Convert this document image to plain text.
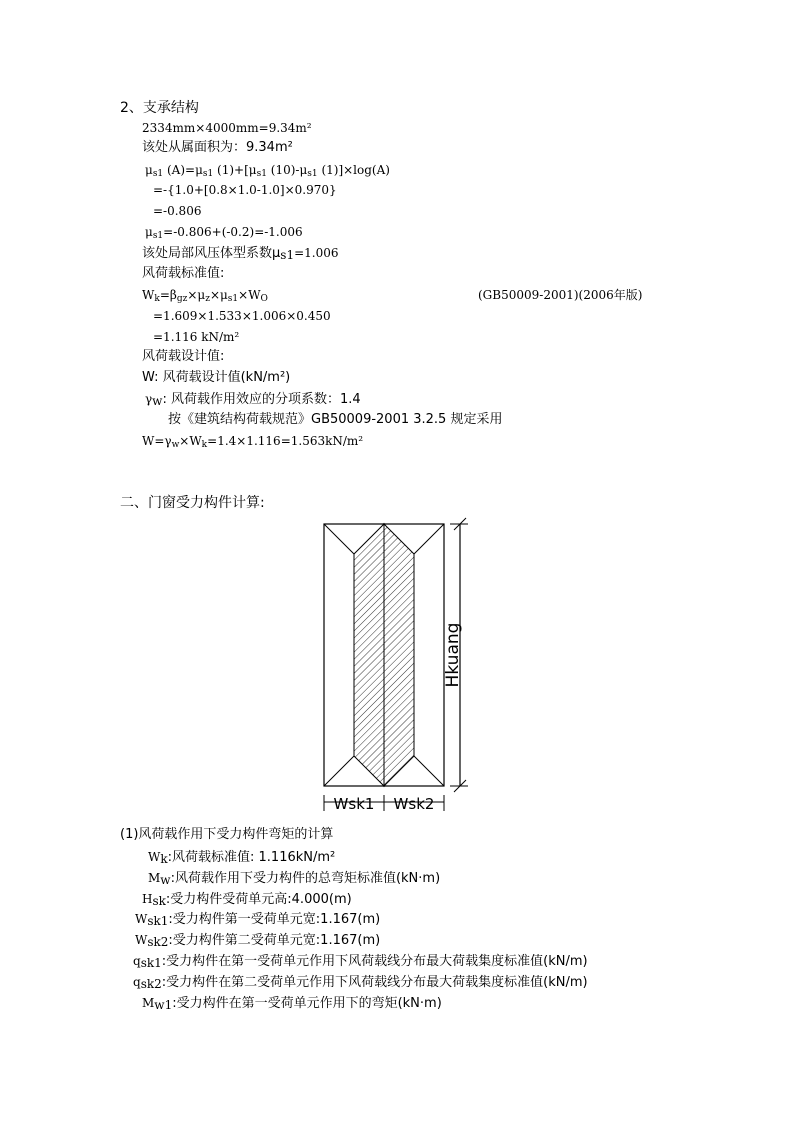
2、支承结构
2334mm×4000mm=9.34m²
该处从属面积为：9.34m²
$\mu_{s1}$ $(A)=\mu_{s1}$ $(1)+[\mu_{s1}$ $(10)-\mu_{s1}$ (1)]×log(A)
=-{1.0+[0.8×1.0-1.0]×0.970}
=-0.806
$\mu_{s1}=-0.806+(-0.2)=-1.006$
该处局部风压体型系数$\mu_{s1}=1.006$
风荷载标准值:
$W_k=\beta_{gz}\times\mu_z\times\mu_{s1}\times W_O$	(GB50009-2001)(2006年版)
=1.609×1.533×1.006×0.450
=1.116 kN/m²
风荷载设计值:
W: 风荷载设计值(kN/m²)
$\gamma_w$: 风荷载作用效应的分项系数：1.4
按《建筑结构荷载规范》GB50009-2001 3.2.5 规定采用
$W=\gamma_w\times W_k=1.4\times 1.116=1.563kN/m^2$
二、门窗受力构件计算:
Hkuang
Wsk1 Wsk2
(1)风荷载作用下受力构件弯矩的计算
$W_k$:风荷载标准值: 1.116kN/m²
$M_w$:风荷载作用下受力构件的总弯矩标准值(kN·m)
$H_{sk}$:受力构件受荷单元高:4.000(m)
$W_{sk1}$:受力构件第一受荷单元宽:1.167(m)
$W_{sk2}$:受力构件第二受荷单元宽:1.167(m)
$q_{sk1}$:受力构件在第一受荷单元作用下风荷载线分布最大荷载集度标准值(kN/m)
$q_{sk2}$:受力构件在第二受荷单元作用下风荷载线分布最大荷载集度标准值(kN/m)
$M_{w1}$:受力构件在第一受荷单元作用下的弯矩(kN·m)
